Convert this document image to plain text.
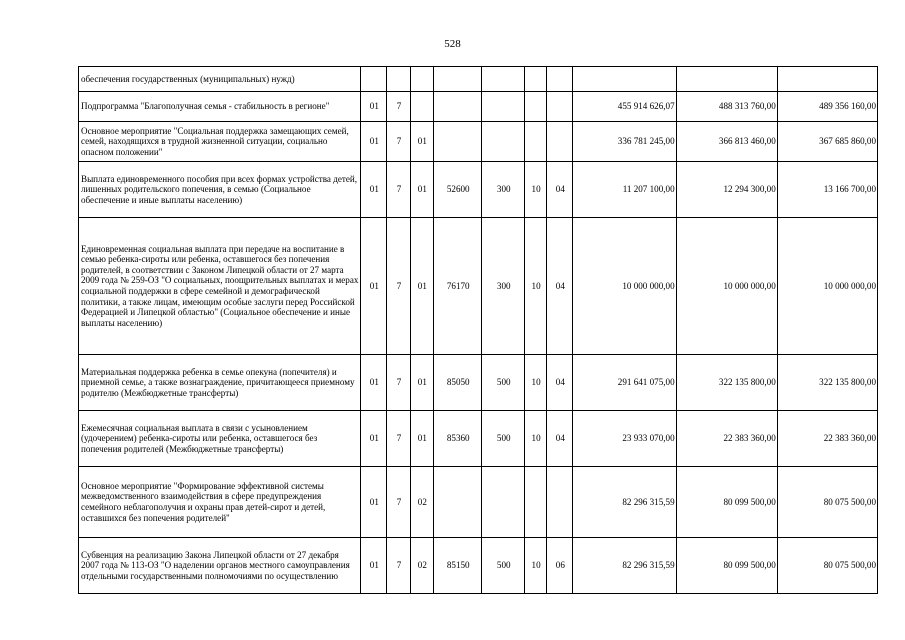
528
обеспечения государственных (муниципальных) нужд)										
Подпрограмма "Благополучная семья - стабильность в регионе"	01	7						455 914 626,07	488 313 760,00	489 356 160,00
Основное мероприятие "Социальная поддержка замещающих семей, семей, находящихся в трудной жизненной ситуации, социально опасном положении"	01	7	01					336 781 245,00	366 813 460,00	367 685 860,00
Выплата единовременного пособия при всех формах устройства детей, лишенных родительского попечения, в семью (Социальное обеспечение и иные выплаты населению)	01	7	01	52600	300	10	04	11 207 100,00	12 294 300,00	13 166 700,00
Единовременная социальная выплата при передаче на воспитание в семью ребенка-сироты или ребенка, оставшегося без попечения родителей, в соответствии с Законом Липецкой области от 27 марта 2009 года № 259-ОЗ "О социальных, поощрительных выплатах и мерах социальной поддержки в сфере семейной и демографической политики, а также лицам, имеющим особые заслуги перед Российской Федерацией и Липецкой областью" (Социальное обеспечение и иные выплаты населению)	01	7	01	76170	300	10	04	10 000 000,00	10 000 000,00	10 000 000,00
Материальная поддержка ребенка в семье опекуна (попечителя) и приемной семье, а также вознаграждение, причитающееся приемному родителю (Межбюджетные трансферты)	01	7	01	85050	500	10	04	291 641 075,00	322 135 800,00	322 135 800,00
Ежемесячная социальная выплата в связи с усыновлением (удочерением) ребенка-сироты или ребенка, оставшегося без попечения родителей (Межбюджетные трансферты)	01	7	01	85360	500	10	04	23 933 070,00	22 383 360,00	22 383 360,00
Основное мероприятие "Формирование эффективной системы межведомственного взаимодействия в сфере предупреждения семейного неблагополучия и охраны прав детей-сирот и детей, оставшихся без попечения родителей"	01	7	02					82 296 315,59	80 099 500,00	80 075 500,00
Субвенция на реализацию Закона Липецкой области от 27 декабря 2007 года № 113-ОЗ "О наделении органов местного самоуправления отдельными государственными полномочиями по осуществлению	01	7	02	85150	500	10	06	82 296 315,59	80 099 500,00	80 075 500,00
